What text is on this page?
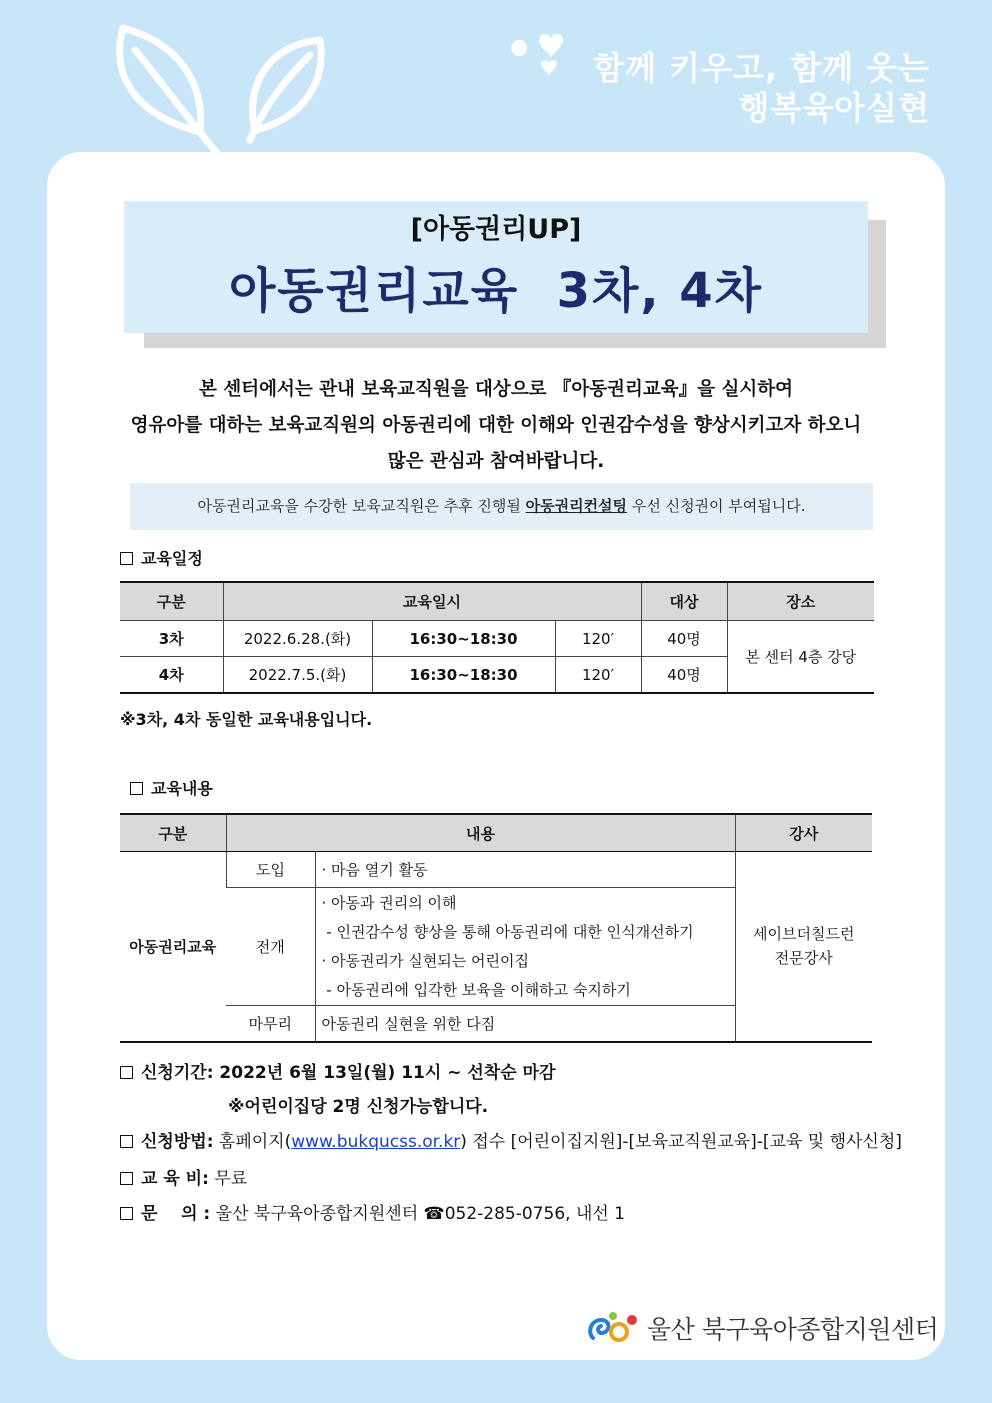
함께 키우고, 함께 웃는
행복육아실현
[아동권리UP]
아동권리교육  3차, 4차
본 센터에서는 관내 보육교직원을 대상으로 『아동권리교육』을 실시하여
영유아를 대하는 보육교직원의 아동권리에 대한 이해와 인권감수성을 향상시키고자 하오니
많은 관심과 참여바랍니다.
아동권리교육을 수강한 보육교직원은 추후 진행될 아동권리컨설팅 우선 신청권이 부여됩니다.
교육일정
구분	교육일시			대상	장소
3차	2022.6.28.(화)	16:30~18:30	120′	40명	본 센터 4층 강당
4차	2022.7.5.(화)	16:30~18:30	120′	40명	
※3차, 4차 동일한 교육내용입니다.
교육내용
구분	내용		강사
아동권리교육	도입	· 마음 열기 활동	세이브더칠드런
전문강사

	전개	· 아동과 권리의 이해
- 인권감수성 향상을 통해 아동권리에 대한 인식개선하기
· 아동권리가 실현되는 어린이집
- 아동권리에 입각한 보육을 이해하고 숙지하기	

	마무리	아동권리 실현을 위한 다짐	
신청기간: 2022년 6월 13일(월) 11시 ~ 선착순 마감
※어린이집당 2명 신청가능합니다.
신청방법: 홈페이지(www.bukqucss.or.kr) 접수 [어린이집지원]-[보육교직원교육]-[교육 및 행사신청]
교 육 비: 무료
문    의 : 울산 북구육아종합지원센터 ☎052-285-0756, 내선 1
울산 북구육아종합지원센터
